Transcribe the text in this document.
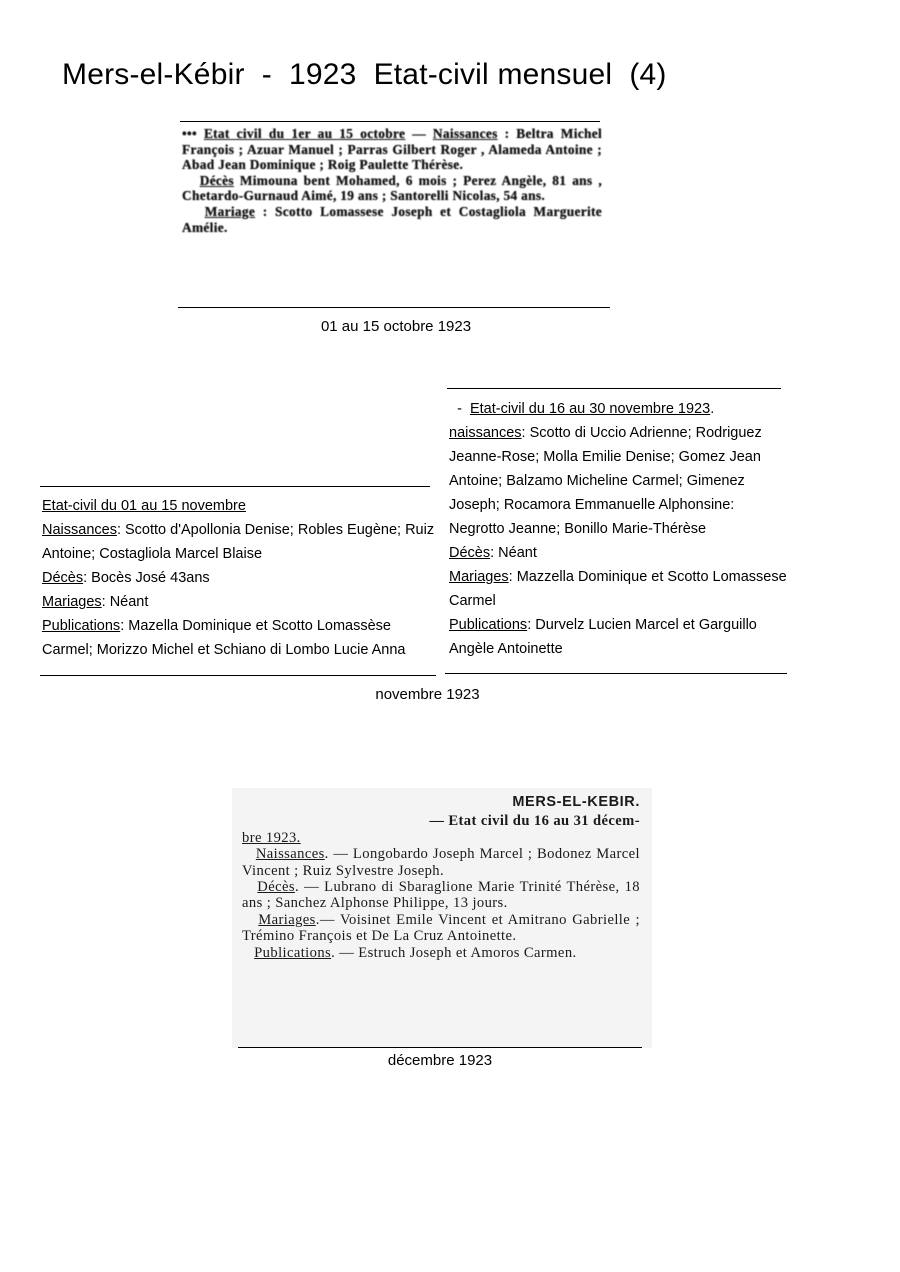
Mers-el-Kébir  -  1923  Etat-civil mensuel  (4)

••• Etat civil du 1er au 15 octobre — Naissances : Beltra Michel François ; Azuar Manuel ; Parras Gilbert Roger , Alameda Antoine ; Abad Jean Dominique ; Roig Paulette Thérèse.

Décès Mimouna bent Mohamed, 6 mois ; Perez Angèle, 81 ans , Chetardo-Gurnaud Aimé, 19 ans ; Santorelli Nicolas, 54 ans.

Mariage : Scotto Lomassese Joseph et Costagliola Marguerite Amélie.

01 au 15 octobre 1923

Etat-civil du 01 au 15 novembre

Naissances: Scotto d'Apollonia Denise; Robles Eugène; Ruiz Antoine; Costagliola Marcel Blaise

Décès: Bocès José 43ans

Mariages: Néant

Publications: Mazella Dominique et Scotto Lomassèse Carmel; Morizzo Michel et Schiano di Lombo Lucie Anna

- Etat-civil du 16 au 30 novembre 1923.

naissances: Scotto di Uccio Adrienne; Rodriguez Jeanne-Rose; Molla Emilie Denise; Gomez Jean Antoine; Balzamo Micheline Carmel; Gimenez Joseph; Rocamora Emmanuelle Alphonsine: Negrotto Jeanne; Bonillo Marie-Thérèse

Décès: Néant

Mariages: Mazzella Dominique et Scotto Lomassese Carmel

Publications: Durvelz Lucien Marcel et Garguillo Angèle Antoinette

novembre 1923
MERS-EL-KEBIR.

— Etat civil du 16 au 31 décem-

bre 1923.

Naissances. — Longobardo Joseph Marcel ; Bodonez Marcel Vincent ; Ruiz Sylvestre Joseph.

Décès. — Lubrano di Sbaraglione Marie Trinité Thérèse, 18 ans ; Sanchez Alphonse Philippe, 13 jours.

Mariages.— Voisinet Emile Vincent et Amitrano Gabrielle ; Trémino François et De La Cruz Antoinette.

Publications. — Estruch Joseph et Amoros Carmen.

décembre 1923
